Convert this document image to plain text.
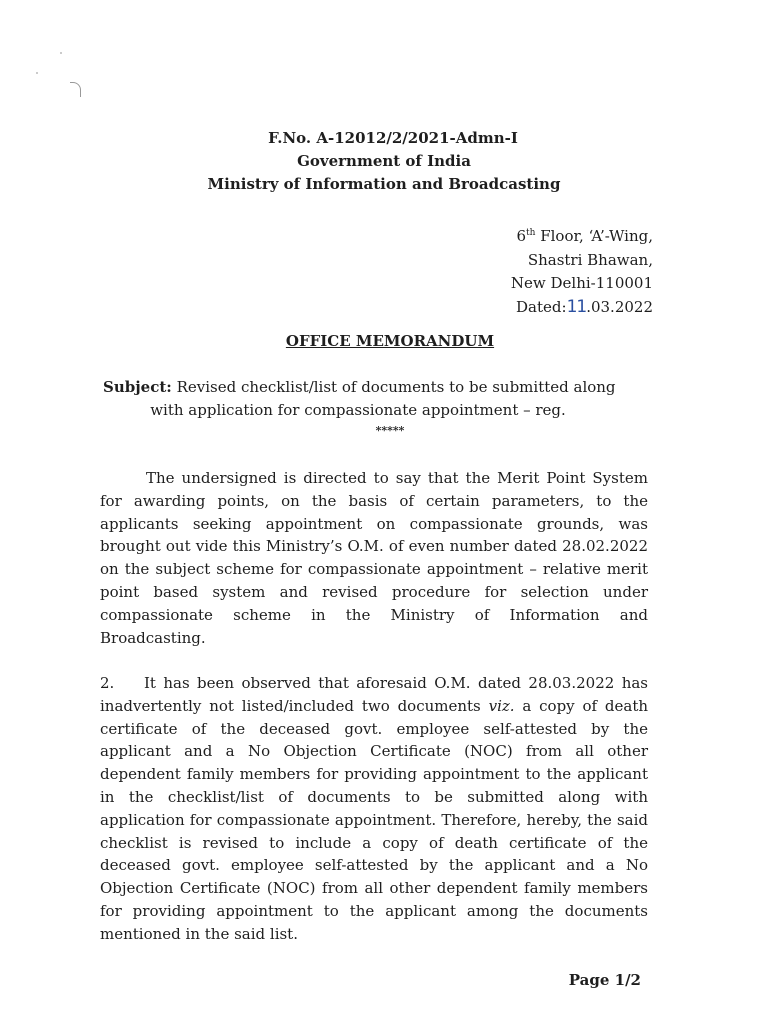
F.No. A-12012/2/2021-Admn-I
Government of India
Ministry of Information and Broadcasting
6th Floor, ‘A’-Wing,
Shastri Bhawan,
New Delhi-110001
Dated:11.03.2022
OFFICE MEMORANDUM
Subject: Revised checklist/list of documents to be submitted along
with application for compassionate appointment – reg.
*****
The undersigned is directed to say that the Merit Point System for awarding points, on the basis of certain parameters, to the applicants seeking appointment on compassionate grounds, was brought out vide this Ministry’s O.M. of even number dated 28.02.2022 on the subject scheme for compassionate appointment – relative merit point based system and revised procedure for selection under compassionate scheme in the Ministry of Information and Broadcasting.
2. It has been observed that aforesaid O.M. dated 28.03.2022 has inadvertently not listed/included two documents viz. a copy of death certificate of the deceased govt. employee self-attested by the applicant and a No Objection Certificate (NOC) from all other dependent family members for providing appointment to the applicant in the checklist/list of documents to be submitted along with application for compassionate appointment. Therefore, hereby, the said checklist is revised to include a copy of death certificate of the deceased govt. employee self-attested by the applicant and a No Objection Certificate (NOC) from all other dependent family members for providing appointment to the applicant among the documents mentioned in the said list.
Page 1/2
